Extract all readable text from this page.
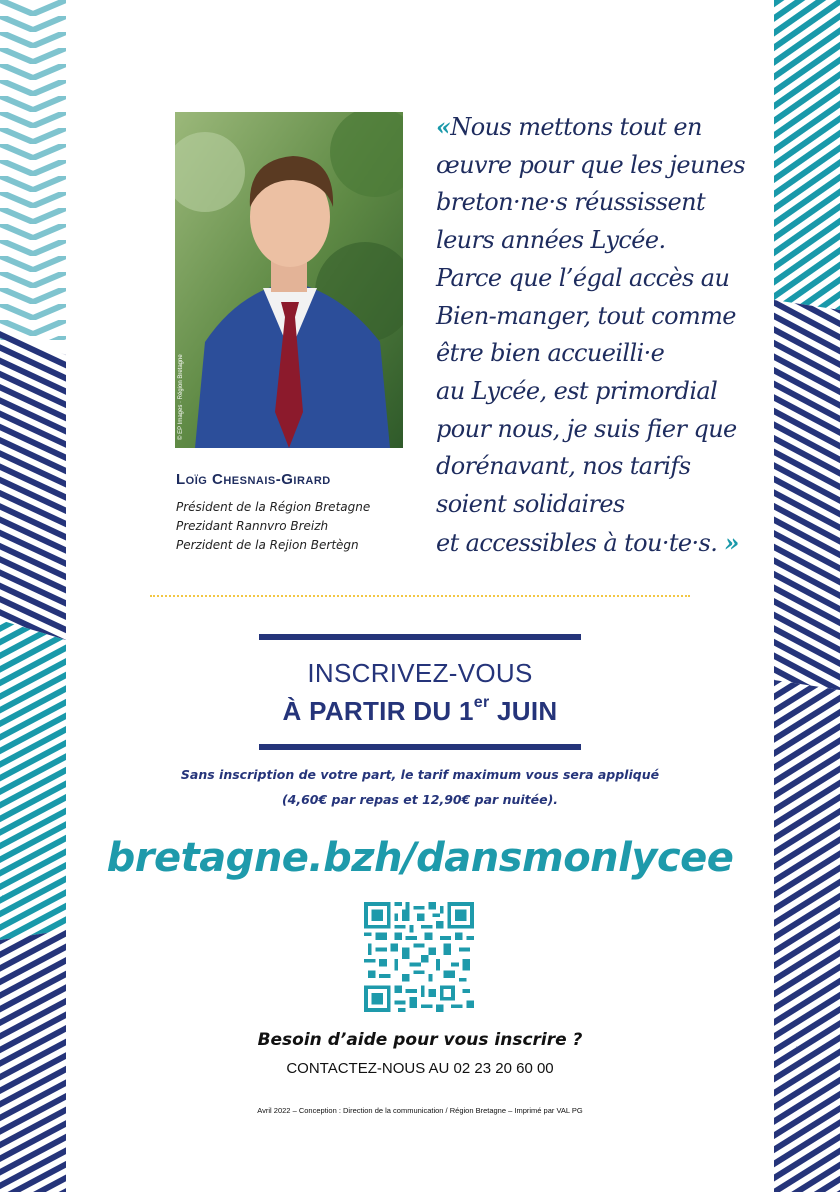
© EP Images · Région Bretagne
Loïg Chesnais-Girard
Président de la Région Bretagne
Prezidant Rannvro Breizh
Perzident de la Rejion Bertègn
«Nous mettons tout en
œuvre pour que les jeunes
breton·ne·s réussissent
leurs années Lycée.
Parce que l’égal accès au
Bien-manger, tout comme
être bien accueilli·e
au Lycée, est primordial
pour nous, je suis fier que
dorénavant, nos tarifs
soient solidaires
et accessibles à tou·te·s. »
INSCRIVEZ-VOUS
À PARTIR DU 1er JUIN
Sans inscription de votre part, le tarif maximum vous sera appliqué
(4,60€ par repas et 12,90€ par nuitée).
bretagne.bzh/dansmonlycee
Besoin d’aide pour vous inscrire ?
CONTACTEZ-NOUS AU 02 23 20 60 00
Avril 2022 – Conception : Direction de la communication / Région Bretagne – Imprimé par VAL PG
